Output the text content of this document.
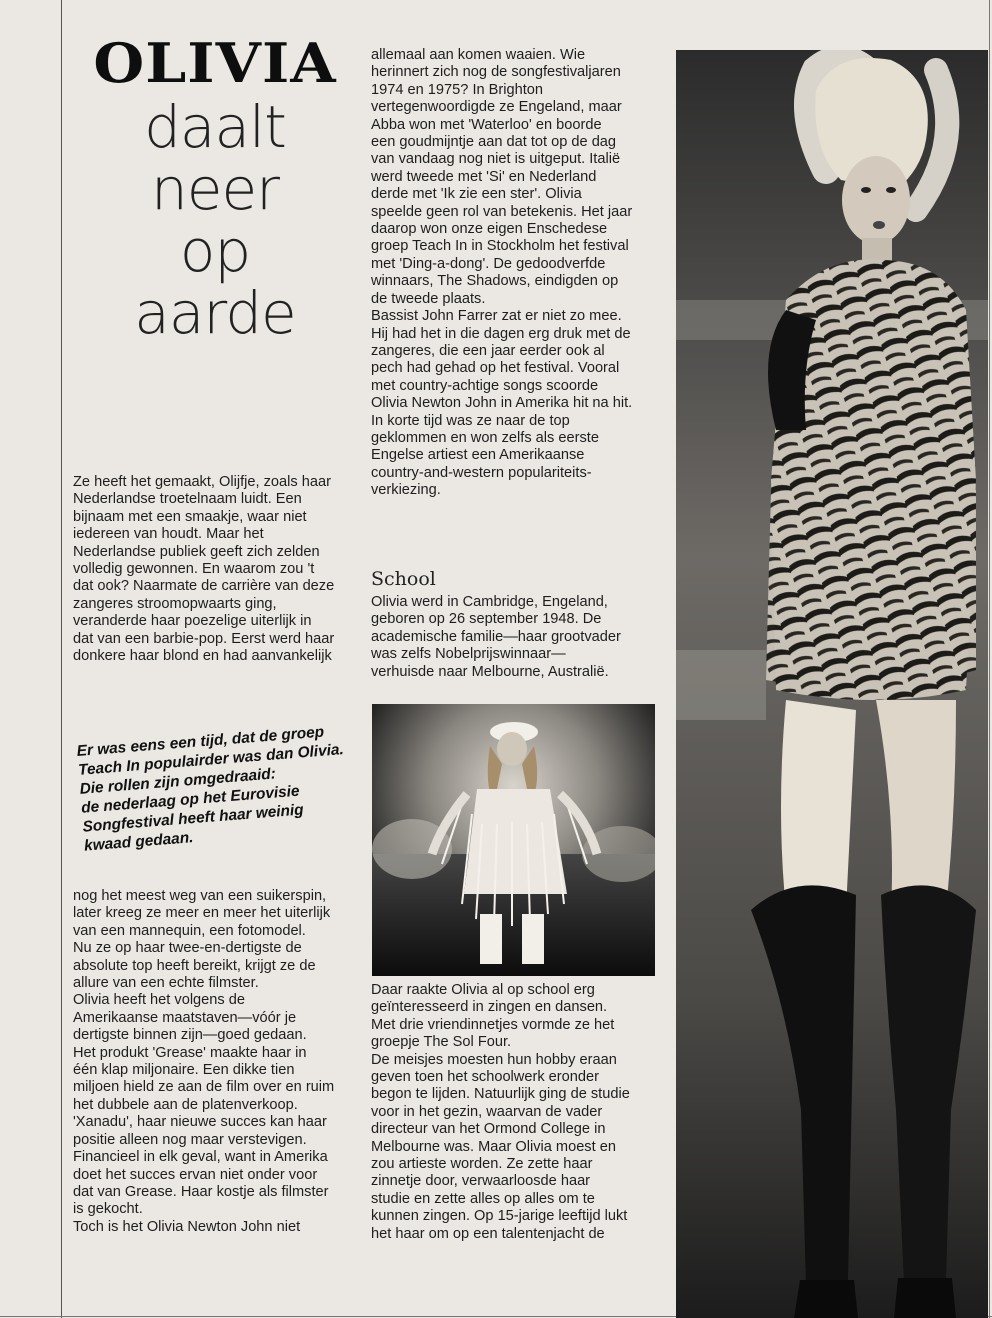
OLIVIA
daalt
neer
op
aarde
Ze heeft het gemaakt, Olijfje, zoals haar
Nederlandse troetelnaam luidt. Een
bijnaam met een smaakje, waar niet
iedereen van houdt. Maar het
Nederlandse publiek geeft zich zelden
volledig gewonnen. En waarom zou 't
dat ook? Naarmate de carrière van deze
zangeres stroomopwaarts ging,
veranderde haar poezelige uiterlijk in
dat van een barbie-pop. Eerst werd haar
donkere haar blond en had aanvankelijk
Er was eens een tijd, dat de groep
Teach In populairder was dan Olivia.
Die rollen zijn omgedraaid:
de nederlaag op het Eurovisie
Songfestival heeft haar weinig
kwaad gedaan.
nog het meest weg van een suikerspin,
later kreeg ze meer en meer het uiterlijk
van een mannequin, een fotomodel.
Nu ze op haar twee-en-dertigste de
absolute top heeft bereikt, krijgt ze de
allure van een echte filmster.
Olivia heeft het volgens de
Amerikaanse maatstaven—vóór je
dertigste binnen zijn—goed gedaan.
Het produkt 'Grease' maakte haar in
één klap miljonaire. Een dikke tien
miljoen hield ze aan de film over en ruim
het dubbele aan de platenverkoop.
'Xanadu', haar nieuwe succes kan haar
positie alleen nog maar verstevigen.
Financieel in elk geval, want in Amerika
doet het succes ervan niet onder voor
dat van Grease. Haar kostje als filmster
is gekocht.
Toch is het Olivia Newton John niet
allemaal aan komen waaien. Wie
herinnert zich nog de songfestivaljaren
1974 en 1975? In Brighton
vertegenwoordigde ze Engeland, maar
Abba won met 'Waterloo' en boorde
een goudmijntje aan dat tot op de dag
van vandaag nog niet is uitgeput. Italië
werd tweede met 'Si' en Nederland
derde met 'Ik zie een ster'. Olivia
speelde geen rol van betekenis. Het jaar
daarop won onze eigen Enschedese
groep Teach In in Stockholm het festival
met 'Ding-a-dong'. De gedoodverfde
winnaars, The Shadows, eindigden op
de tweede plaats.
Bassist John Farrer zat er niet zo mee.
Hij had het in die dagen erg druk met de
zangeres, die een jaar eerder ook al
pech had gehad op het festival. Vooral
met country-achtige songs scoorde
Olivia Newton John in Amerika hit na hit.
In korte tijd was ze naar de top
geklommen en won zelfs als eerste
Engelse artiest een Amerikaanse
country-and-western populariteits-
verkiezing.
School
Olivia werd in Cambridge, Engeland,
geboren op 26 september 1948. De
academische familie—haar grootvader
was zelfs Nobelprijswinnaar—
verhuisde naar Melbourne, Australië.
Daar raakte Olivia al op school erg
geïnteresseerd in zingen en dansen.
Met drie vriendinnetjes vormde ze het
groepje The Sol Four.
De meisjes moesten hun hobby eraan
geven toen het schoolwerk eronder
begon te lijden. Natuurlijk ging de studie
voor in het gezin, waarvan de vader
directeur van het Ormond College in
Melbourne was. Maar Olivia moest en
zou artieste worden. Ze zette haar
zinnetje door, verwaarloosde haar
studie en zette alles op alles om te
kunnen zingen. Op 15-jarige leeftijd lukt
het haar om op een talentenjacht de
